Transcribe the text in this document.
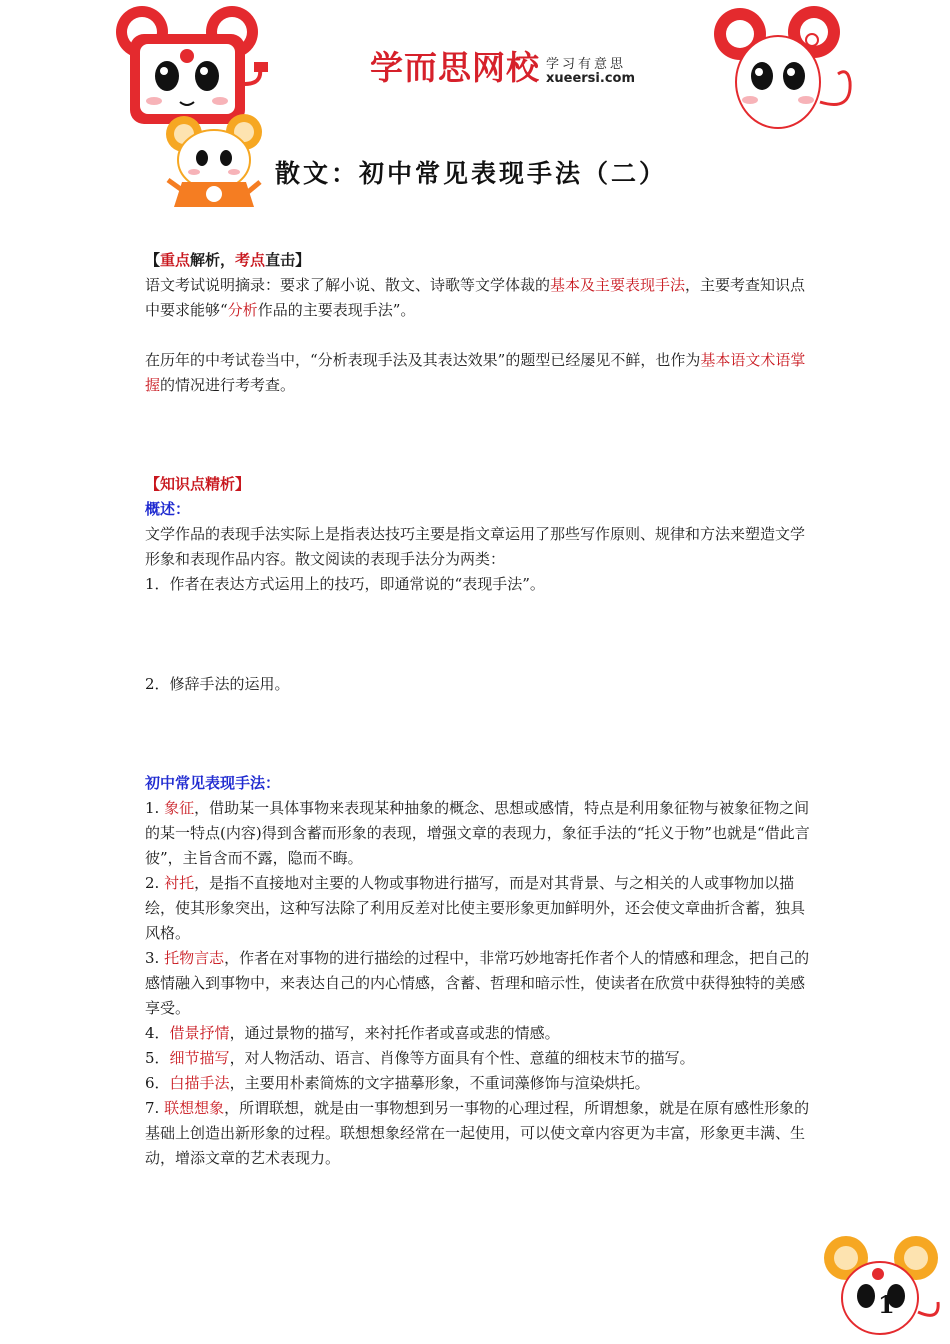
学而思网校 学习有意思
xueersi.com
散文：初中常见表现手法（二）
【重点解析，考点直击】

语文考试说明摘录：要求了解小说、散文、诗歌等文学体裁的基本及主要表现手法，主要考查知识点中要求能够“分析作品的主要表现手法”。

在历年的中考试卷当中，“分析表现手法及其表达效果”的题型已经屡见不鲜，也作为基本语文术语掌握的情况进行考考查。

【知识点精析】
概述：

文学作品的表现手法实际上是指表达技巧主要是指文章运用了那些写作原则、规律和方法来塑造文学形象和表现作品内容。散文阅读的表现手法分为两类：

1．作者在表达方式运用上的技巧，即通常说的“表现手法”。

2．修辞手法的运用。

初中常见表现手法：
1. 象征，借助某一具体事物来表现某种抽象的概念、思想或感情，特点是利用象征物与被象征物之间的某一特点(内容)得到含蓄而形象的表现，增强文章的表现力，象征手法的“托义于物”也就是“借此言彼”，主旨含而不露，隐而不晦。
2. 衬托，是指不直接地对主要的人物或事物进行描写，而是对其背景、与之相关的人或事物加以描绘，使其形象突出，这种写法除了利用反差对比使主要形象更加鲜明外，还会使文章曲折含蓄，独具风格。
3. 托物言志，作者在对事物的进行描绘的过程中，非常巧妙地寄托作者个人的情感和理念，把自己的感情融入到事物中，来表达自己的内心情感，含蓄、哲理和暗示性，使读者在欣赏中获得独特的美感享受。
4．借景抒情，通过景物的描写，来衬托作者或喜或悲的情感。
5．细节描写，对人物活动、语言、肖像等方面具有个性、意蕴的细枝末节的描写。
6．白描手法，主要用朴素简炼的文字描摹形象，不重词藻修饰与渲染烘托。
7. 联想想象，所谓联想，就是由一事物想到另一事物的心理过程，所谓想象，就是在原有感性形象的基础上创造出新形象的过程。联想想象经常在一起使用，可以使文章内容更为丰富，形象更丰满、生动，增添文章的艺术表现力。
1
